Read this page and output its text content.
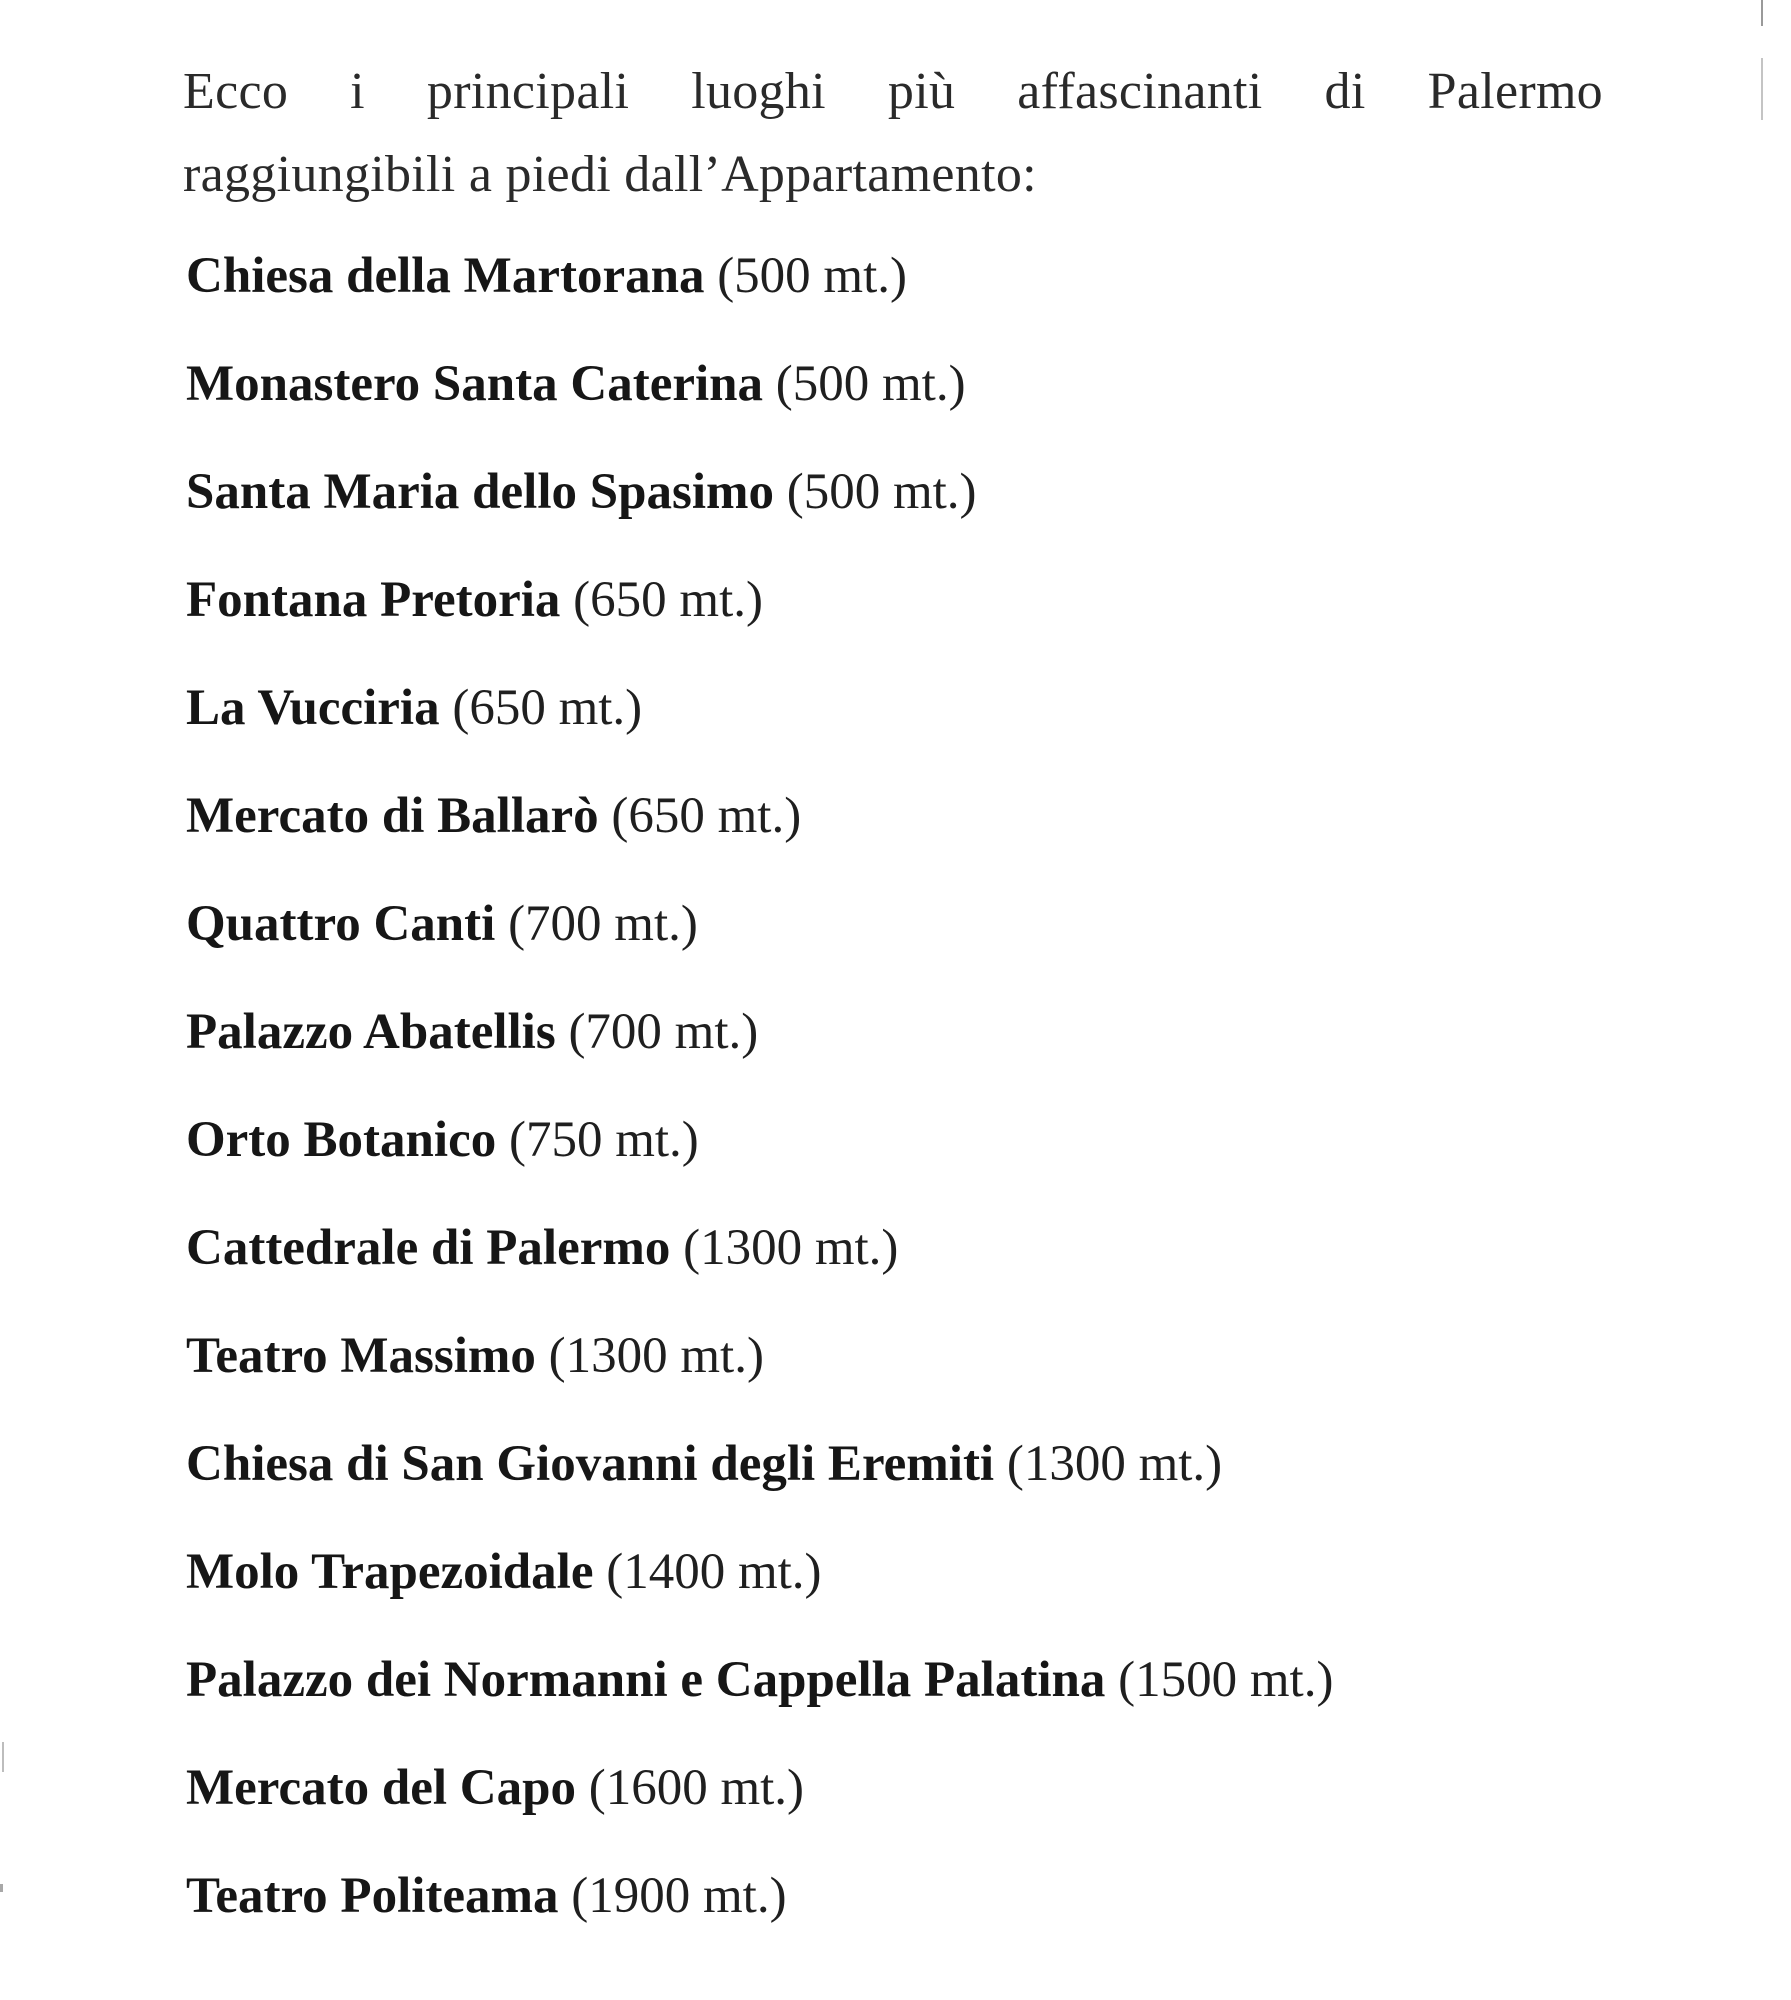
Ecco i principali luoghi più affascinanti di Palermo
raggiungibili a piedi dall’Appartamento:
Chiesa della Martorana (500 mt.)
Monastero Santa Caterina (500 mt.)
Santa Maria dello Spasimo (500 mt.)
Fontana Pretoria (650 mt.)
La Vucciria (650 mt.)
Mercato di Ballarò (650 mt.)
Quattro Canti (700 mt.)
Palazzo Abatellis (700 mt.)
Orto Botanico (750 mt.)
Cattedrale di Palermo (1300 mt.)
Teatro Massimo (1300 mt.)
Chiesa di San Giovanni degli Eremiti (1300 mt.)
Molo Trapezoidale (1400 mt.)
Palazzo dei Normanni e Cappella Palatina (1500 mt.)
Mercato del Capo (1600 mt.)
Teatro Politeama (1900 mt.)
